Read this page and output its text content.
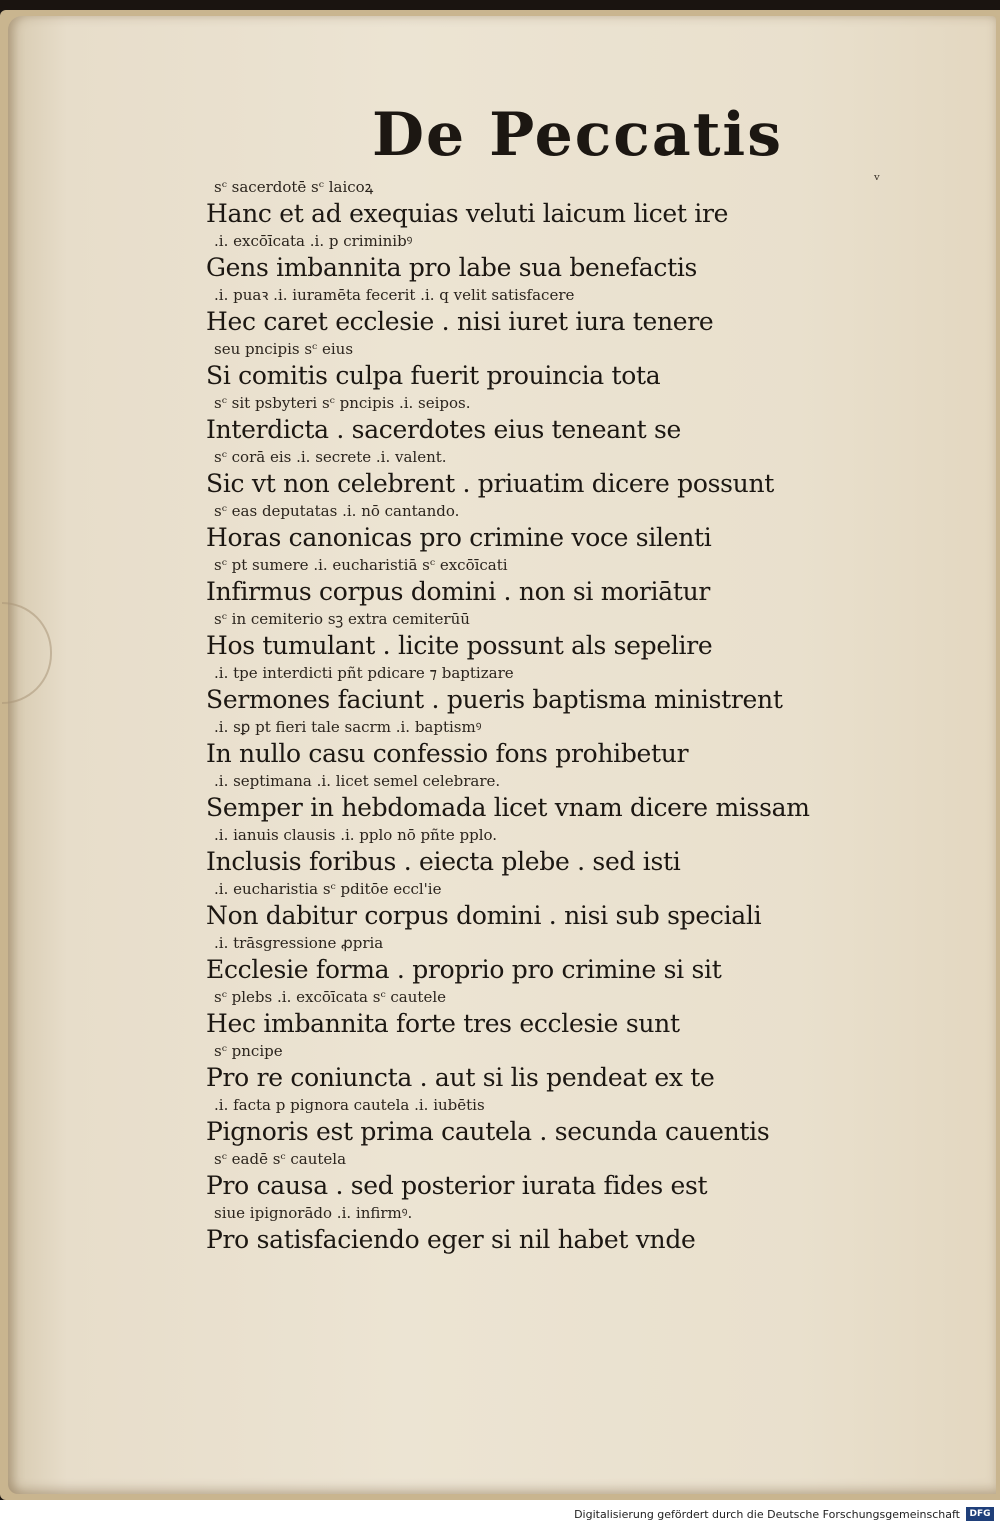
De Peccatis
ᵛ
sᶜ sacerdotē sᶜ laicoꝝ
Hanc et ad exequias veluti laicum licet ire
.i. excōīcata .i. p criminibꝰ
Gens imbannita pro labe sua benefactis
.i. puaꝛ .i. iuramēta fecerit .i. q velit satisfacere
Hec caret ecclesie . nisi iuret iura tenere
seu pncipis sᶜ eius
Si comitis culpa fuerit prouincia tota
sᶜ sit psbyteri sᶜ pncipis .i. seipos.
Interdicta . sacerdotes eius teneant se
sᶜ corā eis .i. secrete .i. valent.
Sic vt non celebrent . priuatim dicere possunt
sᶜ eas deputatas .i. nō cantando.
Horas canonicas pro crimine voce silenti
sᶜ pt sumere .i. eucharistiā sᶜ excōīcati
Infirmus corpus domini . non si moriātur
sᶜ in cemiterio sꝫ extra cemiterūū
Hos tumulant . licite possunt als sepelire
.i. tpe interdicti pñt pdicare ⁊ baptizare
Sermones faciunt . pueris baptisma ministrent
.i. sꝑ pt fieri tale sacrm .i. baptismꝰ
In nullo casu confessio fons prohibetur
.i. septimana .i. licet semel celebrare.
Semper in hebdomada licet vnam dicere missam
.i. ianuis clausis .i. pplo nō pñte pplo.
Inclusis foribus . eiecta plebe . sed isti
.i. eucharistia sᶜ pditōe eccl'ie
Non dabitur corpus domini . nisi sub speciali
.i. trāsgressione ꝓpria
Ecclesie forma . proprio pro crimine si sit
sᶜ plebs .i. excōīcata sᶜ cautele
Hec imbannita forte tres ecclesie sunt
sᶜ pncipe
Pro re coniuncta . aut si lis pendeat ex te
.i. facta p pignora cautela .i. iubētis
Pignoris est prima cautela . secunda cauentis
sᶜ eadē sᶜ cautela
Pro causa . sed posterior iurata fides est
siue ipignorādo .i. infirmꝰ.
Pro satisfaciendo eger si nil habet vnde
Digitalisierung gefördert durch die Deutsche Forschungsgemeinschaft	DFG
